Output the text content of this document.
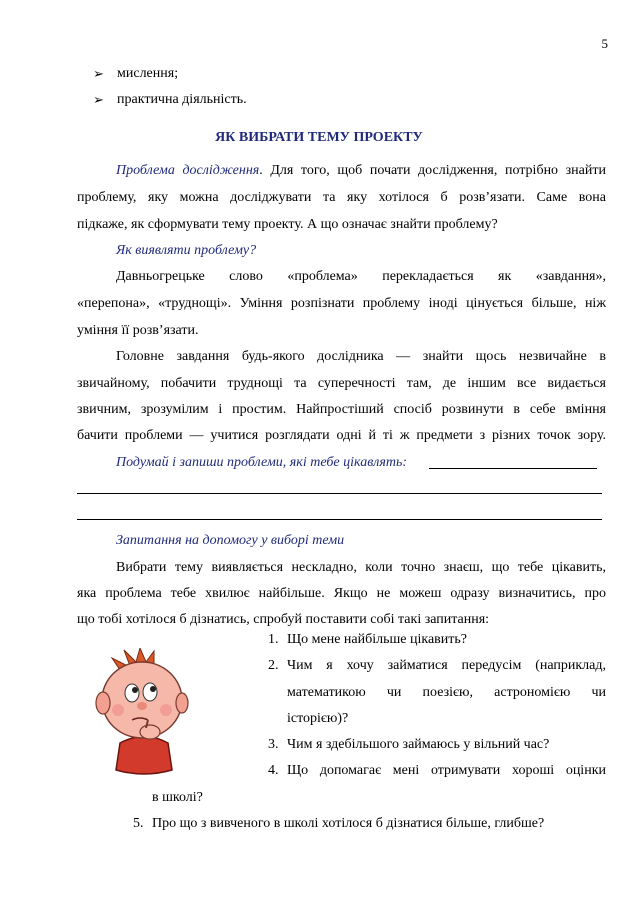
5
➢ мислення;
➢ практична діяльність.
ЯК ВИБРАТИ ТЕМУ ПРОЕКТУ
Проблема дослідження. Для того, щоб почати дослідження, потрібно знайти
проблему, яку можна досліджувати та яку хотілося б розв’язати. Саме вона
підкаже, як сформувати тему проекту. А що означає знайти проблему?
Як виявляти проблему?
Давньогрецьке слово «проблема» перекладається як «завдання»,
«перепона», «труднощі». Уміння розпізнати проблему іноді цінується більше, ніж
уміння її розв’язати.
Головне завдання будь-якого дослідника — знайти щось незвичайне в
звичайному, побачити труднощі та суперечності там, де іншим все видається
звичним, зрозумілим і простим. Найпростіший спосіб розвинути в себе вміння
бачити проблеми — учитися розглядати одні й ті ж предмети з різних точок зору.
Подумай і запиши проблеми, які тебе цікавлять:
Запитання на допомогу у виборі теми
Вибрати тему виявляється нескладно, коли точно знаєш, що тебе цікавить,
яка проблема тебе хвилює найбільше. Якщо не можеш одразу визначитись, про
що тобі хотілося б дізнатись, спробуй поставити собі такі запитання:
1. Що мене найбільше цікавить?
2. Чим я хочу займатися передусім (наприклад,
математикою чи поезією, астрономією чи
історією)?
3. Чим я здебільшого займаюсь у вільний час?
4. Що допомагає мені отримувати хороші оцінки
в школі?
5. Про що з вивченого в школі хотілося б дізнатися більше, глибше?
